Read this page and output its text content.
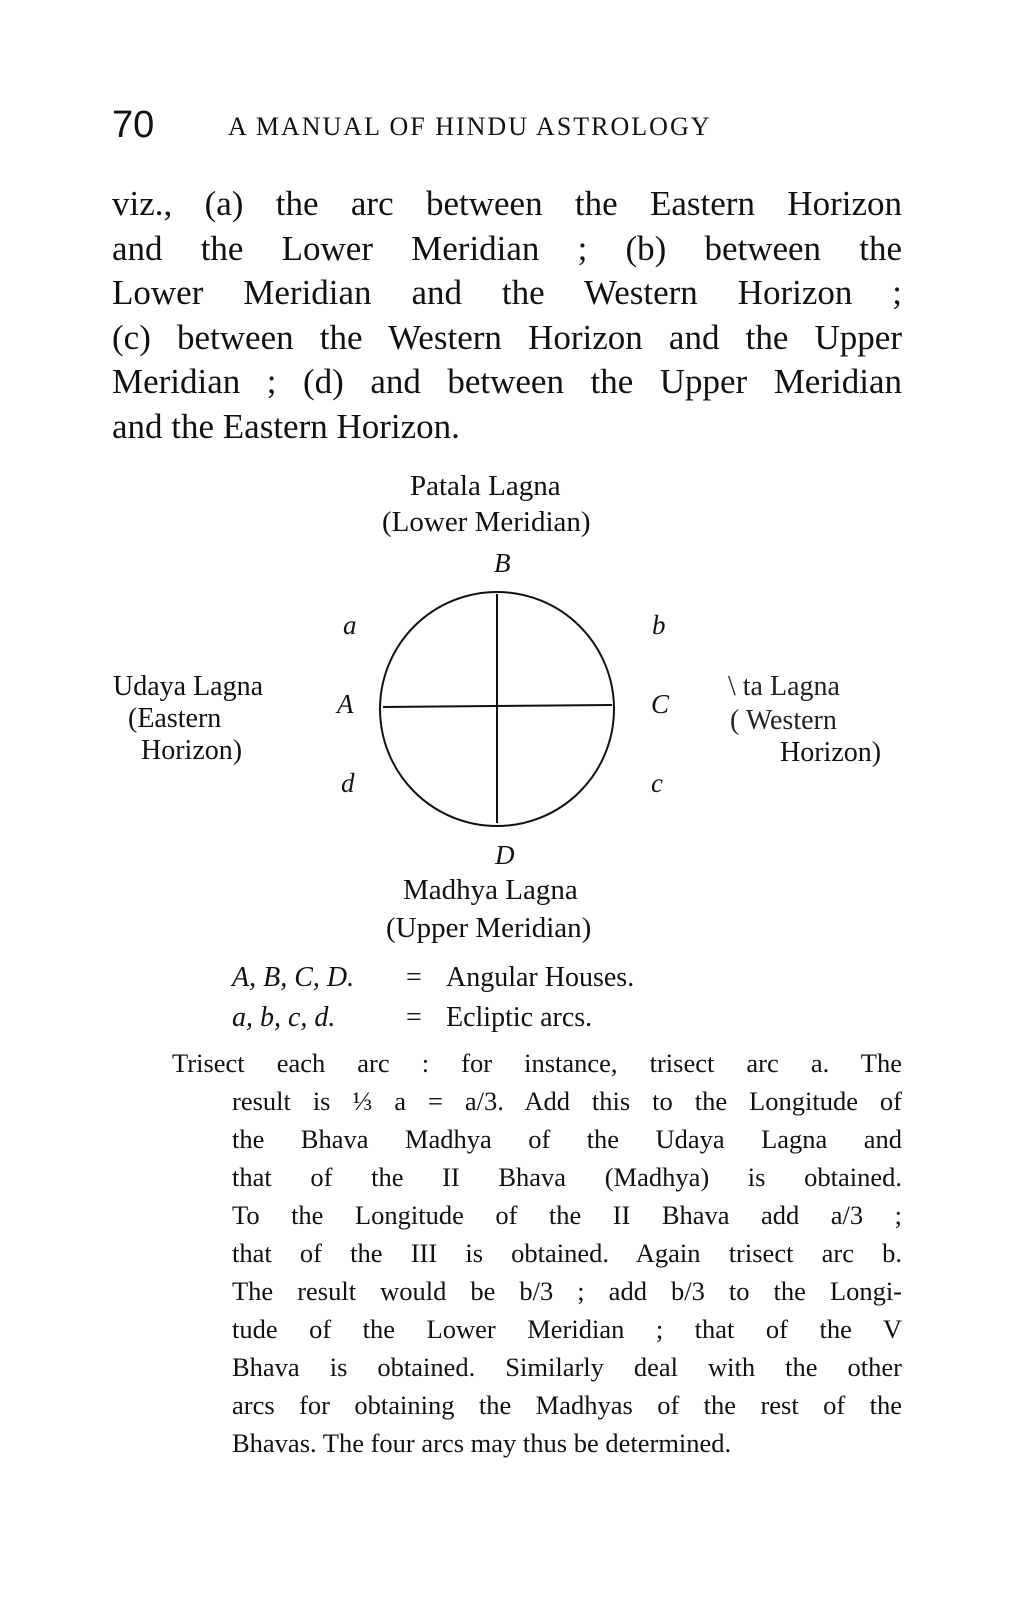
70	A MANUAL OF HINDU ASTROLOGY
viz., (a) the arc between the Eastern Horizon
and the Lower Meridian ; (b) between the
Lower Meridian and the Western Horizon ;
(c) between the Western Horizon and the Upper
Meridian ; (d) and between the Upper Meridian
and the Eastern Horizon.
Patala Lagna
(Lower Meridian)
B
a	b
Udaya Lagna
(Eastern
Horizon)
A	C
\ ta Lagna
( Western
Horizon)
d	c
D
Madhya Lagna
(Upper Meridian)
A, B, C, D. = Angular Houses.
a, b, c, d.	= Ecliptic arcs.
Trisect each arc : for instance, trisect arc a. The
result is ⅓ a = a/3. Add this to the Longitude of
the Bhava Madhya of the Udaya Lagna and
that of the II Bhava (Madhya) is obtained.
To the Longitude of the II Bhava add a/3 ;
that of the III is obtained. Again trisect arc b.
The result would be b/3 ; add b/3 to the Longi-
tude of the Lower Meridian ; that of the V
Bhava is obtained. Similarly deal with the other
arcs for obtaining the Madhyas of the rest of the
Bhavas. The four arcs may thus be determined.
